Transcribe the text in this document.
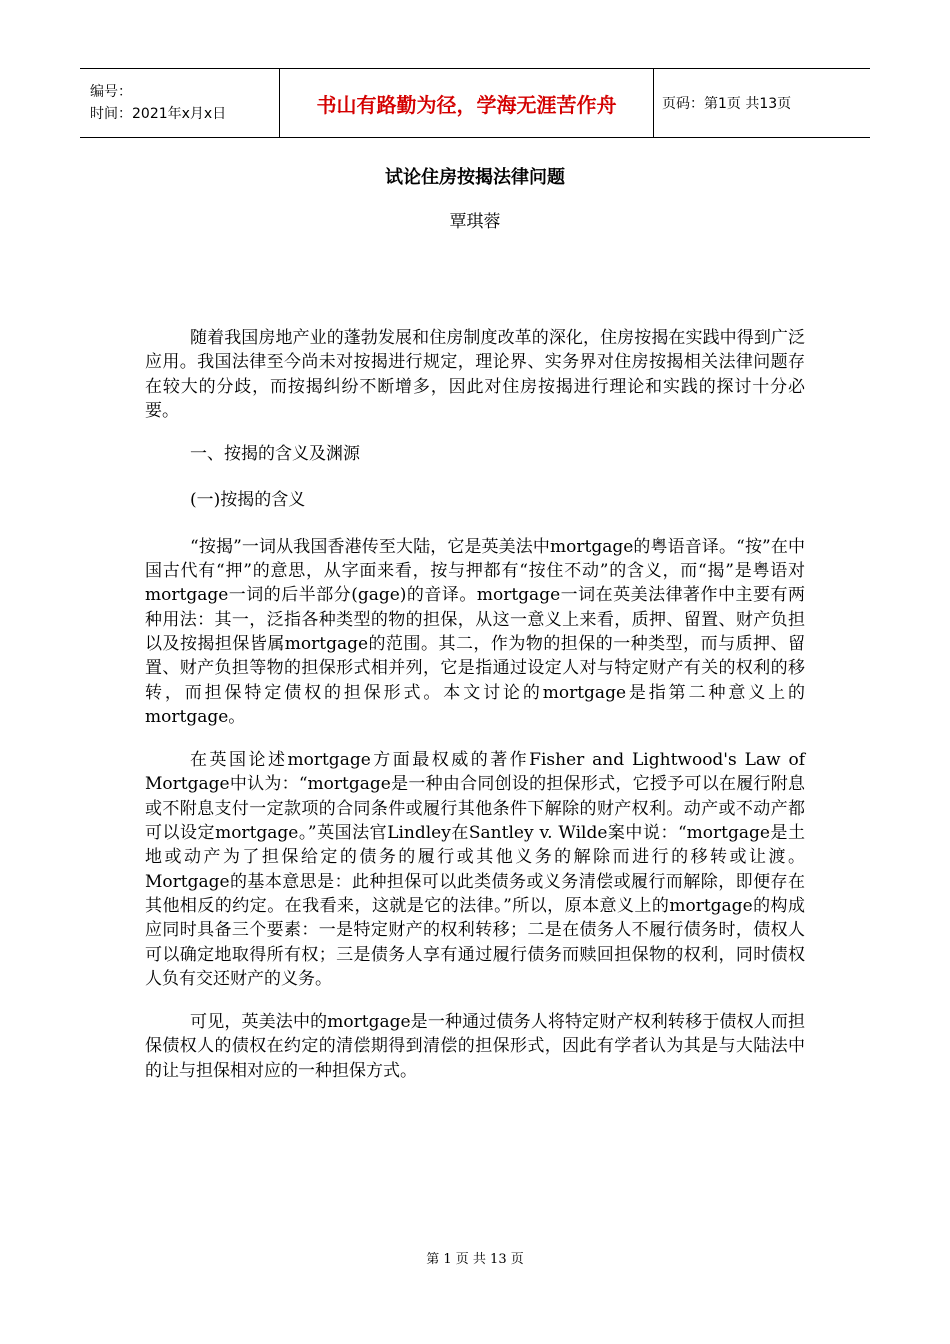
编号：
时间：2021年x月x日	书山有路勤为径，学海无涯苦作舟	页码：第1页 共13页
试论住房按揭法律问题
覃琪蓉

随着我国房地产业的蓬勃发展和住房制度改革的深化，住房按揭在实践中得到广泛应用。我国法律至今尚未对按揭进行规定，理论界、实务界对住房按揭相关法律问题存在较大的分歧，而按揭纠纷不断增多，因此对住房按揭进行理论和实践的探讨十分必要。

一、按揭的含义及渊源

(一)按揭的含义

“按揭”一词从我国香港传至大陆，它是英美法中mortgage的粤语音译。“按”在中国古代有“押”的意思，从字面来看，按与押都有“按住不动”的含义，而“揭”是粤语对mortgage一词的后半部分(gage)的音译。mortgage一词在英美法律著作中主要有两种用法：其一，泛指各种类型的物的担保，从这一意义上来看，质押、留置、财产负担以及按揭担保皆属mortgage的范围。其二，作为物的担保的一种类型，而与质押、留置、财产负担等物的担保形式相并列，它是指通过设定人对与特定财产有关的权利的移转，而担保特定债权的担保形式。本文讨论的mortgage是指第二种意义上的mortgage。

在英国论述mortgage方面最权威的著作Fisher and Lightwood's Law of Mortgage中认为：“mortgage是一种由合同创设的担保形式，它授予可以在履行附息或不附息支付一定款项的合同条件或履行其他条件下解除的财产权利。动产或不动产都可以设定mortgage。”英国法官Lindley在Santley v. Wilde案中说：“mortgage是土地或动产为了担保给定的债务的履行或其他义务的解除而进行的移转或让渡。Mortgage的基本意思是：此种担保可以此类债务或义务清偿或履行而解除，即便存在其他相反的约定。在我看来，这就是它的法律。”所以，原本意义上的mortgage的构成应同时具备三个要素：一是特定财产的权利转移；二是在债务人不履行债务时，债权人可以确定地取得所有权；三是债务人享有通过履行债务而赎回担保物的权利，同时债权人负有交还财产的义务。

可见，英美法中的mortgage是一种通过债务人将特定财产权利转移于债权人而担保债权人的债权在约定的清偿期得到清偿的担保形式，因此有学者认为其是与大陆法中的让与担保相对应的一种担保方式。

第 1 页 共 13 页
